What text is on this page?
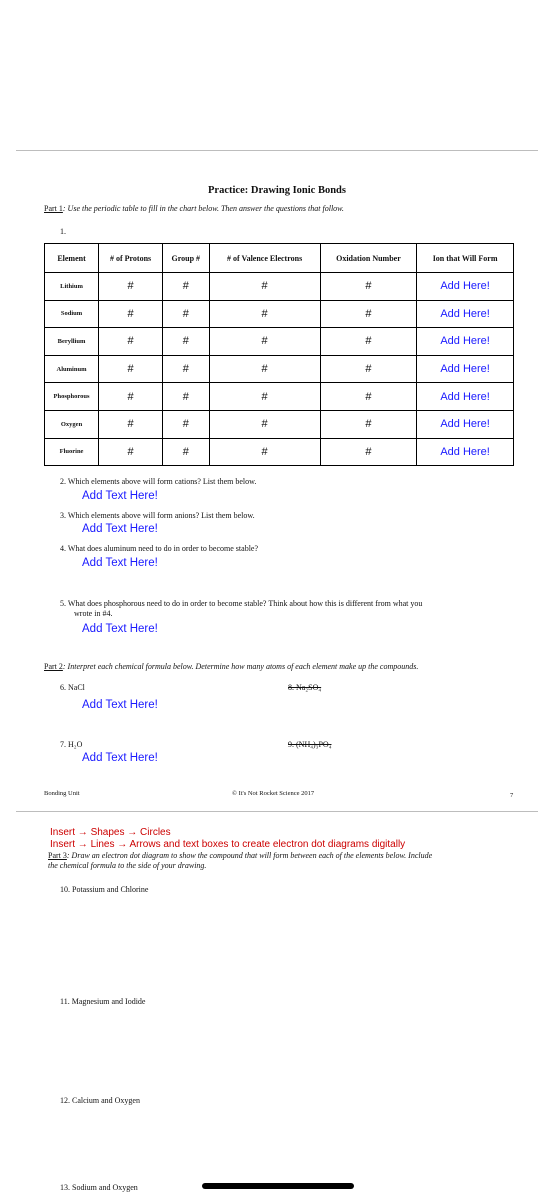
Practice: Drawing Ionic Bonds
Part 1: Use the periodic table to fill in the chart below. Then answer the questions that follow.
1.
Element	# of Protons	Group #	# of Valence Electrons	Oxidation Number	Ion that Will Form
Lithium	#	#	#	#	Add Here!
Sodium	#	#	#	#	Add Here!
Beryllium	#	#	#	#	Add Here!
Aluminum	#	#	#	#	Add Here!
Phosphorous	#	#	#	#	Add Here!
Oxygen	#	#	#	#	Add Here!
Fluorine	#	#	#	#	Add Here!
2. Which elements above will form cations? List them below.
Add Text Here!
3. Which elements above will form anions? List them below.
Add Text Here!
4. What does aluminum need to do in order to become stable?
Add Text Here!
5. What does phosphorous need to do in order to become stable? Think about how this is different from what you
wrote in #4.
Add Text Here!
Part 2: Interpret each chemical formula below. Determine how many atoms of each element make up the compounds.
6. NaCl	8. Na₂SO₄
Add Text Here!
7. H₂O	9. (NH₄)₃PO₄
Add Text Here!
Bonding Unit	© It's Not Rocket Science 2017	7
Insert → Shapes → Circles
Insert → Lines → Arrows and text boxes to create electron dot diagrams digitally
Part 3: Draw an electron dot diagram to show the compound that will form between each of the elements below. Include
the chemical formula to the side of your drawing.
10. Potassium and Chlorine
11. Magnesium and Iodide
12. Calcium and Oxygen
13. Sodium and Oxygen
